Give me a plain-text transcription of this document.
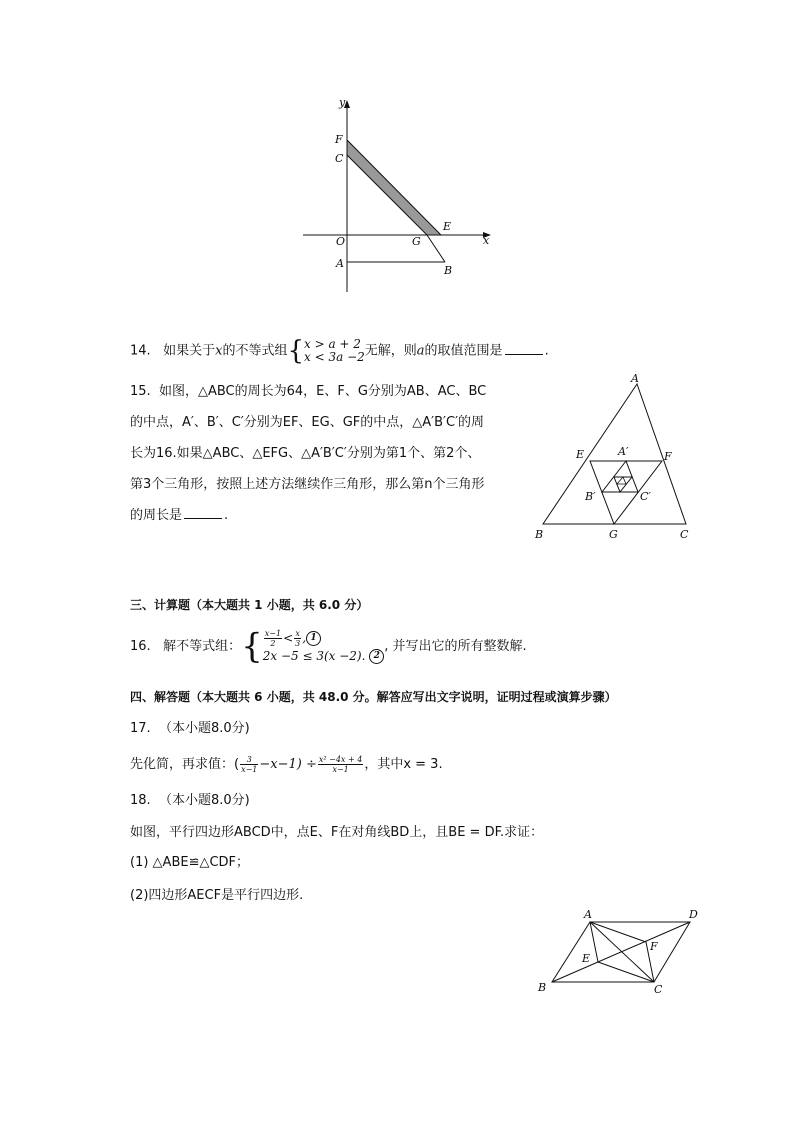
y
x
F
C
O	G
E
A
B
14. 如果关于x的不等式组{ x > a + 2
x < 3a −2 无解，则a的取值范围是	.
15. 如图，△ABC的周长为64，E、F、G分别为AB、AC、BC
的中点，A′、B′、C′分别为EF、EG、GF的中点，△A′B′C′的周
长为16.如果△ABC、△EFG、△A′B′C′分别为第1个、第2个、
第3个三角形，按照上述方法继续作三角形，那么第n个三角形
的周长是	.
A
E	F
A′
B′	C′
B	G	C
三、计算题（本大题共 1 小题，共 6.0 分）
16. 解不等式组：{ $\frac{x-1}{2} < \frac{x}{3}$ , 1
2x −5 ≤ 3(x −2). 2
, 并写出它的所有整数解.
四、解答题（本大题共 6 小题，共 48.0 分。解答应写出文字说明，证明过程或演算步骤）
17. （本小题8.0分)
先化简，再求值：( $\frac{3}{x-1} -x-1) \div \frac{\text{x² −4x + 4}}{x-1}$ ，其中x = 3.
18. （本小题8.0分)
如图，平行四边形ABCD中，点E、F在对角线BD上，且BE = DF.求证：
(1) △ABE≌△CDF；
(2)四边形AECF是平行四边形.
A	D
F
E
B	C
